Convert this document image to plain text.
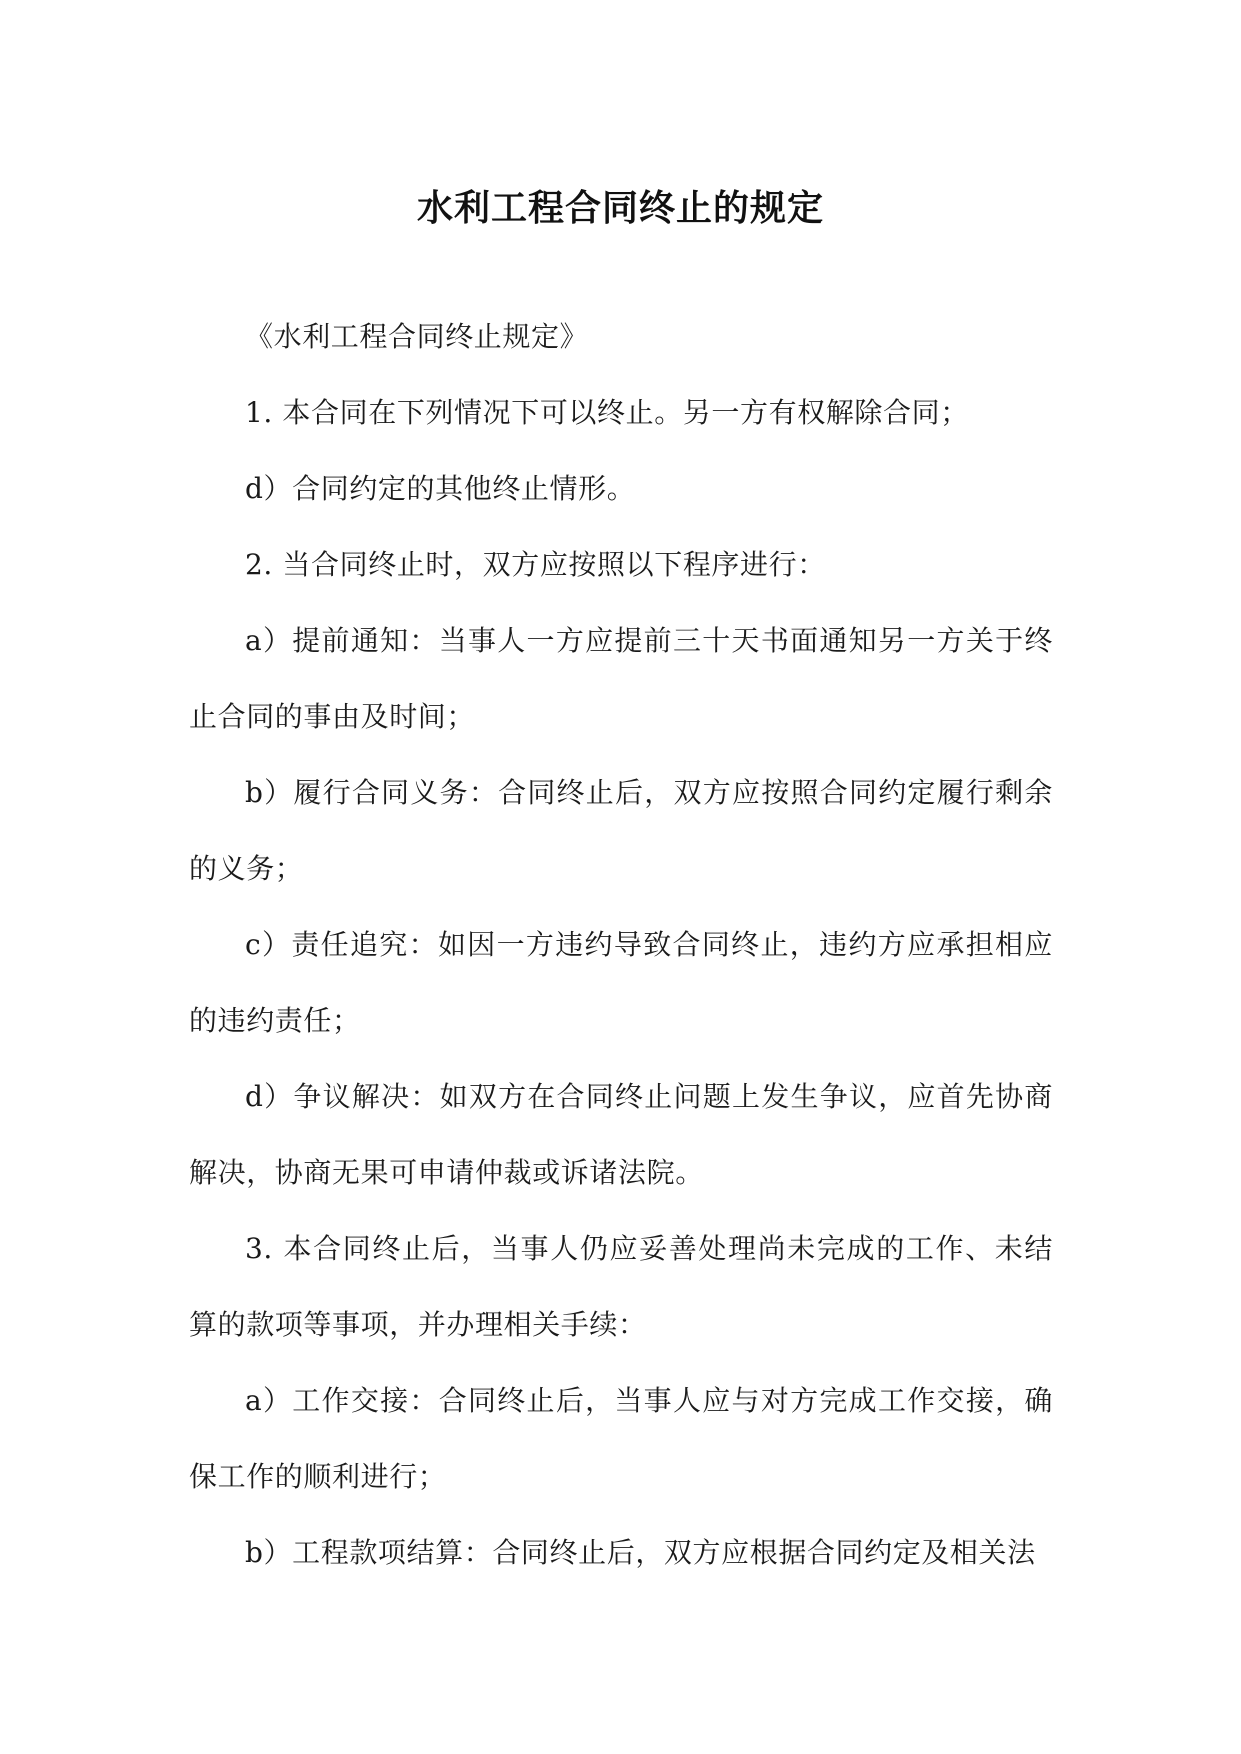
水利工程合同终止的规定

《水利工程合同终止规定》

1. 本合同在下列情况下可以终止。另一方有权解除合同；

d）合同约定的其他终止情形。

2. 当合同终止时，双方应按照以下程序进行：

a）提前通知：当事人一方应提前三十天书面通知另一方关于终止合同的事由及时间；

b）履行合同义务：合同终止后，双方应按照合同约定履行剩余的义务；

c）责任追究：如因一方违约导致合同终止，违约方应承担相应的违约责任；

d）争议解决：如双方在合同终止问题上发生争议，应首先协商解决，协商无果可申请仲裁或诉诸法院。

3. 本合同终止后，当事人仍应妥善处理尚未完成的工作、未结算的款项等事项，并办理相关手续：

a）工作交接：合同终止后，当事人应与对方完成工作交接，确保工作的顺利进行；

b）工程款项结算：合同终止后，双方应根据合同约定及相关法
